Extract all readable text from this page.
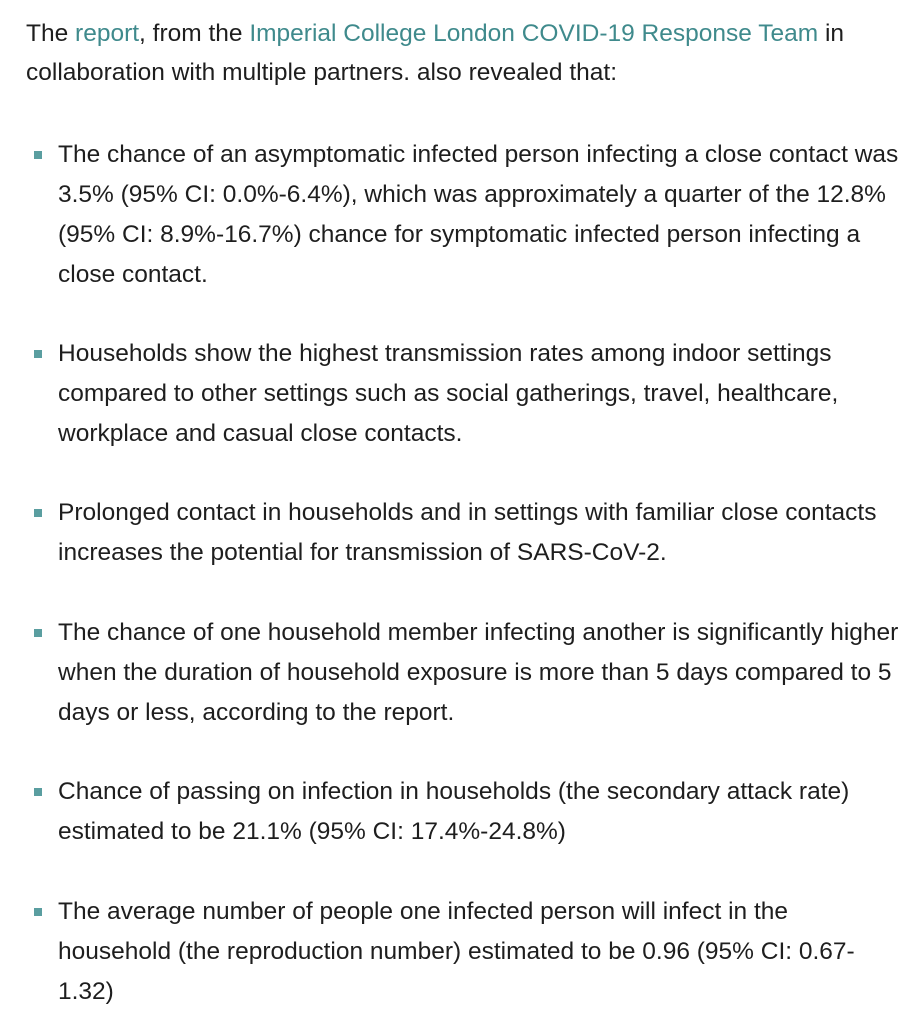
The report, from the Imperial College London COVID-19 Response Team in collaboration with multiple partners. also revealed that:

The chance of an asymptomatic infected person infecting a close contact was 3.5% (95% CI: 0.0%-6.4%), which was approximately a quarter of the 12.8% (95% CI: 8.9%-16.7%) chance for symptomatic infected person infecting a close contact.
Households show the highest transmission rates among indoor settings compared to other settings such as social gatherings, travel, healthcare, workplace and casual close contacts.
Prolonged contact in households and in settings with familiar close contacts increases the potential for transmission of SARS-CoV-2.
The chance of one household member infecting another is significantly higher when the duration of household exposure is more than 5 days compared to 5 days or less, according to the report.
Chance of passing on infection in households (the secondary attack rate) estimated to be 21.1% (95% CI: 17.4%-24.8%)
The average number of people one infected person will infect in the household (the reproduction number) estimated to be 0.96 (95% CI: 0.67-1.32)
